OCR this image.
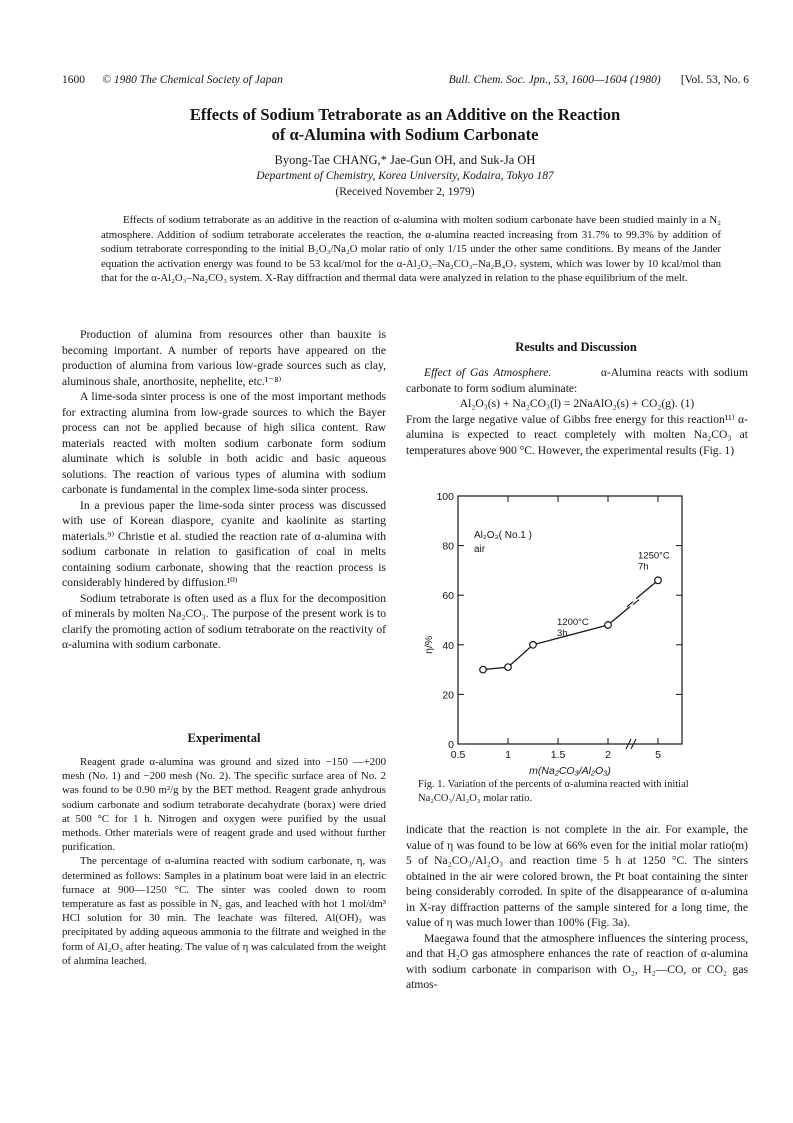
1600 © 1980 The Chemical Society of Japan	Bull. Chem. Soc. Jpn., 53, 1600—1604 (1980) [Vol. 53, No. 6
Effects of Sodium Tetraborate as an Additive on the Reaction
of α-Alumina with Sodium Carbonate
Byong-Tae CHANG,* Jae-Gun OH, and Suk-Ja OH
Department of Chemistry, Korea University, Kodaira, Tokyo 187
(Received November 2, 1979)

Effects of sodium tetraborate as an additive in the reaction of α-alumina with molten sodium carbonate have been studied mainly in a N₂ atmosphere. Addition of sodium tetraborate accelerates the reaction, the α-alumina reacted increasing from 31.7% to 99.3% by addition of sodium tetraborate corresponding to the initial B₂O₃/Na₂O molar ratio of only 1/15 under the other same conditions. By means of the Jander equation the activation energy was found to be 53 kcal/mol for the α-Al₂O₃–Na₂CO₃–Na₂B₄O₇ system, which was lower by 10 kcal/mol than that for the α-Al₂O₃–Na₂CO₃ system. X-Ray diffraction and thermal data were analyzed in relation to the phase equilibrium of the melt.

Production of alumina from resources other than bauxite is becoming important. A number of reports have appeared on the production of alumina from various low-grade sources such as clay, aluminous shale, anorthosite, nephelite, etc.¹⁻⁸⁾

A lime-soda sinter process is one of the most important methods for extracting alumina from low-grade sources to which the Bayer process can not be applied because of high silica content. Raw materials reacted with molten sodium carbonate form sodium aluminate which is soluble in both acidic and basic aqueous solutions. The reaction of various types of alumina with sodium carbonate is fundamental in the complex lime-soda sinter process.

In a previous paper the lime-soda sinter process was discussed with use of Korean diaspore, cyanite and kaolinite as starting materials.⁹⁾ Christie et al. studied the reaction rate of α-alumina with sodium carbonate in relation to gasification of coal in melts containing sodium carbonate, showing that the reaction process is considerably hindered by diffusion.¹⁰⁾

Sodium tetraborate is often used as a flux for the decomposition of minerals by molten Na₂CO₃. The purpose of the present work is to clarify the promoting action of sodium tetraborate on the reactivity of α-alumina with sodium carbonate.

Experimental

Reagent grade α-alumina was ground and sized into −150 —+200 mesh (No. 1) and −200 mesh (No. 2). The specific surface area of No. 2 was found to be 0.90 m²/g by the BET method. Reagent grade anhydrous sodium carbonate and sodium tetraborate decahydrate (borax) were dried at 500 °C for 1 h. Nitrogen and oxygen were purified by the usual methods. Other materials were of reagent grade and used without further purification.

The percentage of α-alumina reacted with sodium carbonate, η, was determined as follows: Samples in a platinum boat were laid in an electric furnace at 900—1250 °C. The sinter was cooled down to room temperature as fast as possible in N₂ gas, and leached with hot 1 mol/dm³ HCl solution for 30 min. The leachate was filtered. Al(OH)₃ was precipitated by adding aqueous ammonia to the filtrate and weighed in the form of Al₂O₃ after heating. The value of η was calculated from the weight of alumina leached.

Results and Discussion

Effect of Gas Atmosphere.	α-Alumina reacts with sodium carbonate to form sodium aluminate:

Al₂O₃(s) + Na₂CO₃(l) = 2NaAlO₂(s) + CO₂(g). (1)

From the large negative value of Gibbs free energy for this reaction¹¹⁾ α-alumina is expected to react completely with molten Na₂CO₃ at temperatures above 900 °C. However, the experimental results (Fig. 1)

0
20
40
60
80
100
0.5	1	1.5	2	5
m(Na₂CO₃/Al₂O₃)
η/%
Al₂O₃( No.1 )
air
1200°C
3h
1250°C
7h
Fig. 1. Variation of the percents of α-alumina reacted with initial Na₂CO₃/Al₂O₃ molar ratio.

indicate that the reaction is not complete in the air. For example, the value of η was found to be low at 66% even for the initial molar ratio(m) 5 of Na₂CO₃/Al₂O₃ and reaction time 5 h at 1250 °C. The sinters obtained in the air were colored brown, the Pt boat containing the sinter being considerably corroded. In spite of the disappearance of α-alumina in X-ray diffraction patterns of the sample sintered for a long time, the value of η was much lower than 100% (Fig. 3a).

Maegawa found that the atmosphere influences the sintering process, and that H₂O gas atmosphere enhances the rate of reaction of α-alumina with sodium carbonate in comparison with O₂, H₂—CO, or CO₂ gas atmos-
